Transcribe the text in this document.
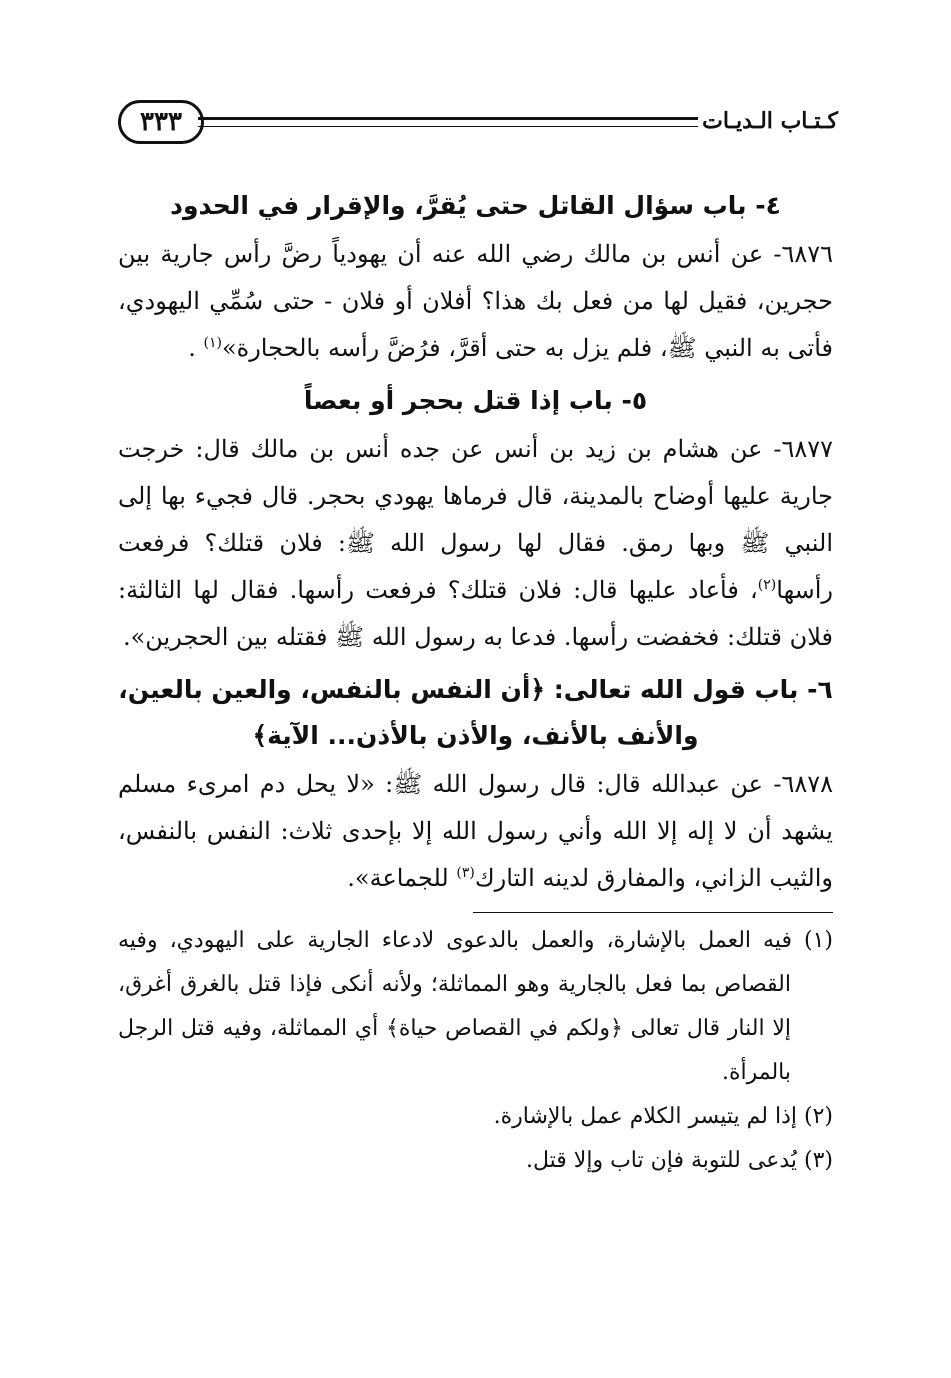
كـتـاب الـديـات
٣٣٣
٤- باب سؤال القاتل حتى يُقرَّ، والإقرار في الحدود

٦٨٧٦- عن أنس بن مالك رضي الله عنه أن يهودياً رضَّ رأس جارية بين حجرين، فقيل لها من فعل بك هذا؟ أفلان أو فلان - حتى سُمِّي اليهودي، فأتى به النبي ﷺ، فلم يزل به حتى أقرَّ، فرُضَّ رأسه بالحجارة»$^{(١)}$ .

٥- باب إذا قتل بحجر أو بعصاً

٦٨٧٧- عن هشام بن زيد بن أنس عن جده أنس بن مالك قال: خرجت جارية عليها أوضاح بالمدينة، قال فرماها يهودي بحجر. قال فجيء بها إلى النبي ﷺ وبها رمق. فقال لها رسول الله ﷺ: فلان قتلك؟ فرفعت رأسها$^{(٢)}$، فأعاد عليها قال: فلان قتلك؟ فرفعت رأسها. فقال لها الثالثة: فلان قتلك: فخفضت رأسها. فدعا به رسول الله ﷺ فقتله بين الحجرين».

٦- باب قول الله تعالى: ﴿أن النفس بالنفس، والعين بالعين، والأنف بالأنف، والأذن بالأذن... الآية﴾

٦٨٧٨- عن عبدالله قال: قال رسول الله ﷺ: «لا يحل دم امرىء مسلم يشهد أن لا إله إلا الله وأني رسول الله إلا بإحدى ثلاث: النفس بالنفس، والثيب الزاني، والمفارق لدينه التارك$^{(٣)}$ للجماعة».

(١) فيه العمل بالإشارة، والعمل بالدعوى لادعاء الجارية على اليهودي، وفيه القصاص بما فعل بالجارية وهو المماثلة؛ ولأنه أنكى فإذا قتل بالغرق أغرق، إلا النار قال تعالى ﴿ولكم في القصاص حياة﴾ أي المماثلة، وفيه قتل الرجل بالمرأة.

(٢) إذا لم يتيسر الكلام عمل بالإشارة.

(٣) يُدعى للتوبة فإن تاب وإلا قتل.
